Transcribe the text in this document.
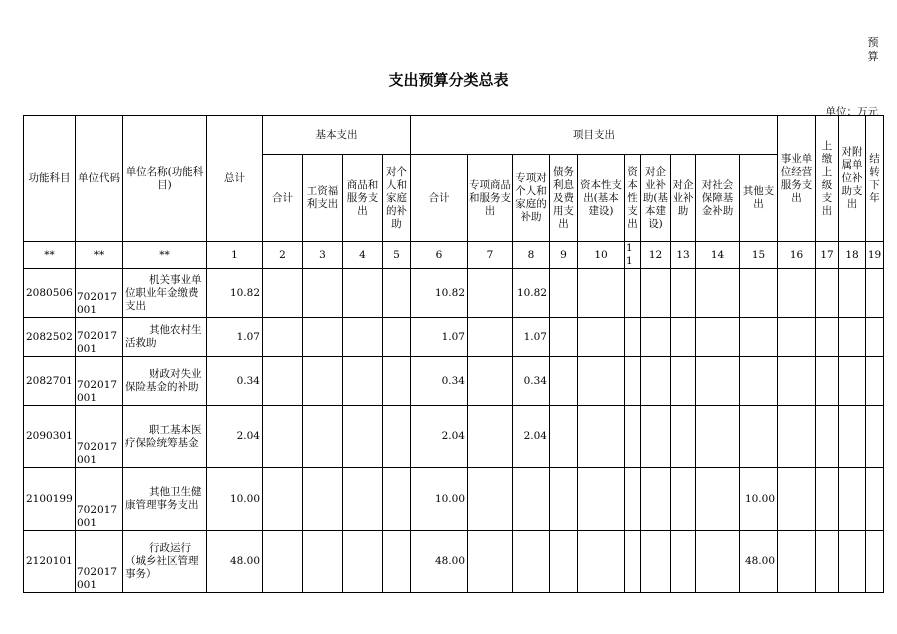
预算
支出预算分类总表
单位：万元
功能科目	单位代码	单位名称(功能科目)	总计	基本支出				项目支出										事业单位经营服务支出	上缴上级支出	对附属单位补助支出	结转下年
				合计	工资福利支出	商品和服务支出	对个人和家庭的补助	合计	专项商品和服务支出	专项对个人和家庭的补助	债务利息及费用支出	资本性支出(基本建设)	资本性支出	对企业补助(基本建设)	对企业补助	对社会保障基金补助	其他支出				
**	**	**	1	2	3	4	5	6	7	8	9	10	11	12	13	14	15	16	17	18	19
2080506	702017001	机关事业单位职业年金缴费支出	10.82					10.82		10.82											
2082502	702017001	其他农村生活救助	1.07					1.07		1.07											
2082701	702017001	财政对失业保险基金的补助	0.34					0.34		0.34											
2090301	702017001	职工基本医疗保险统筹基金	2.04					2.04		2.04											
2100199	702017001	其他卫生健康管理事务支出	10.00					10.00									10.00				
2120101	702017001	行政运行（城乡社区管理事务）	48.00					48.00									48.00				
